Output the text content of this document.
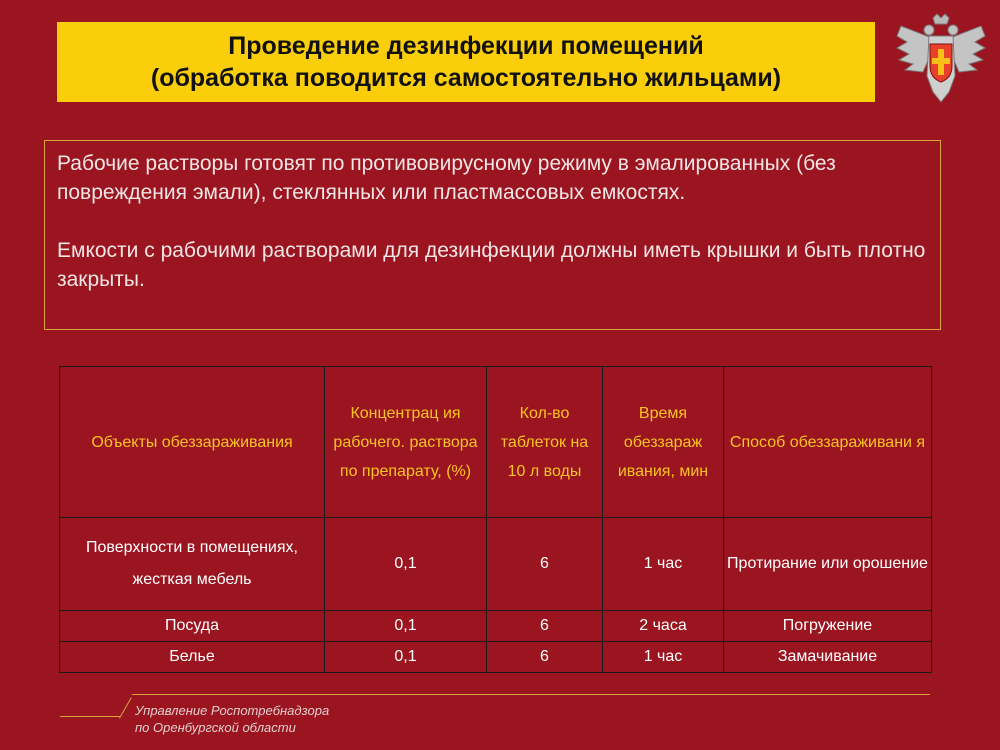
Проведение дезинфекции помещений
(обработка поводится самостоятельно жильцами)

Рабочие растворы готовят по противовирусному режиму в эмалированных (без повреждения эмали), стеклянных или пластмассовых емкостях.

Емкости с рабочими растворами для дезинфекции должны иметь крышки и быть плотно закрыты.

Объекты обеззараживания	Концентрац ия рабочего. раствора по препарату, (%)	Кол-во таблеток на 10 л воды	Время обеззараж ивания, мин	Способ обеззараживани я
Поверхности в помещениях, жесткая мебель	0,1	6	1 час	Протирание или орошение
Посуда	0,1	6	2 часа	Погружение
Белье	0,1	6	1 час	Замачивание
Управление Роспотребнадзора
по Оренбургской области
